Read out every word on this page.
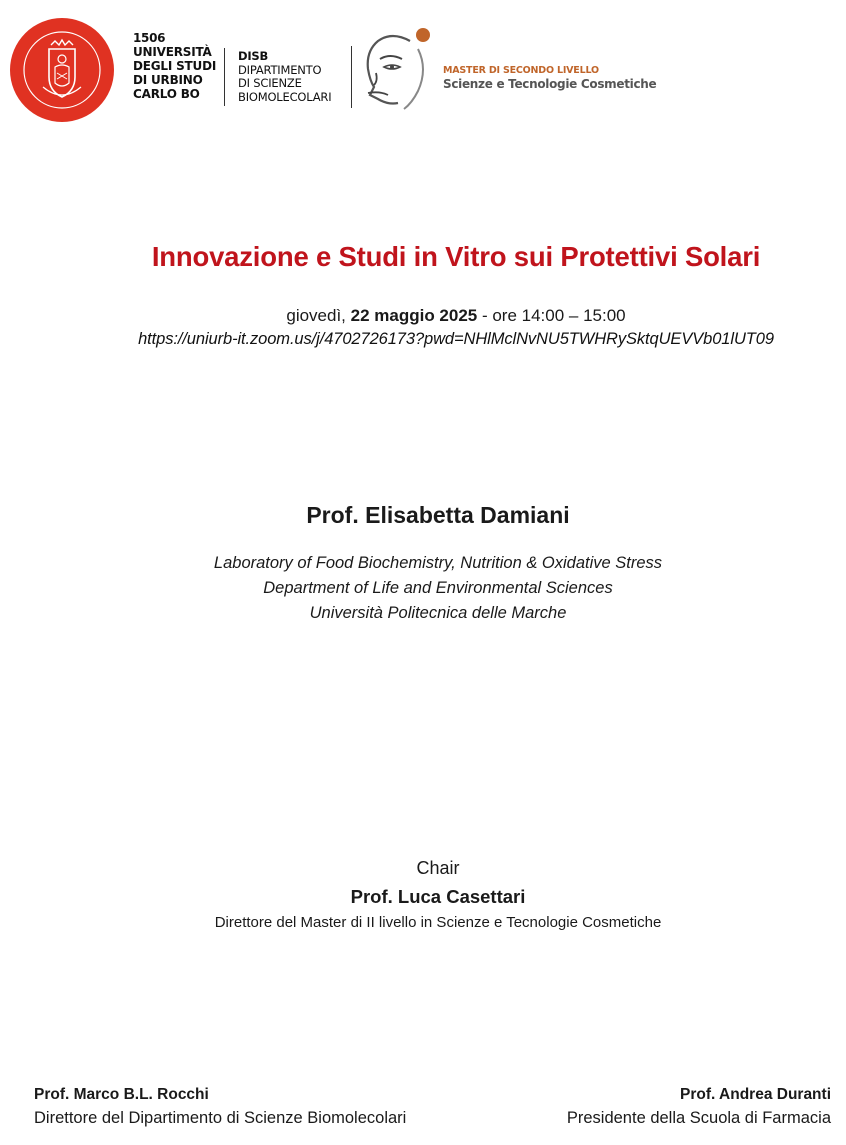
1506
UNIVERSITÀ
DEGLI STUDI
DI URBINO
CARLO BO
DISB
DIPARTIMENTO
DI SCIENZE
BIOMOLECOLARI
MASTER DI SECONDO LIVELLO
Scienze e Tecnologie Cosmetiche
Innovazione e Studi in Vitro sui Protettivi Solari
giovedì, 22 maggio 2025 - ore 14:00 – 15:00
https://uniurb-it.zoom.us/j/4702726173?pwd=NHlMclNvNU5TWHRySktqUEVVb01lUT09
Prof. Elisabetta Damiani
Laboratory of Food Biochemistry, Nutrition & Oxidative Stress
Department of Life and Environmental Sciences
Università Politecnica delle Marche
Chair
Prof. Luca Casettari
Direttore del Master di II livello in Scienze e Tecnologie Cosmetiche
Prof. Marco B.L. Rocchi
Direttore del Dipartimento di Scienze Biomolecolari
Prof. Andrea Duranti
Presidente della Scuola di Farmacia
